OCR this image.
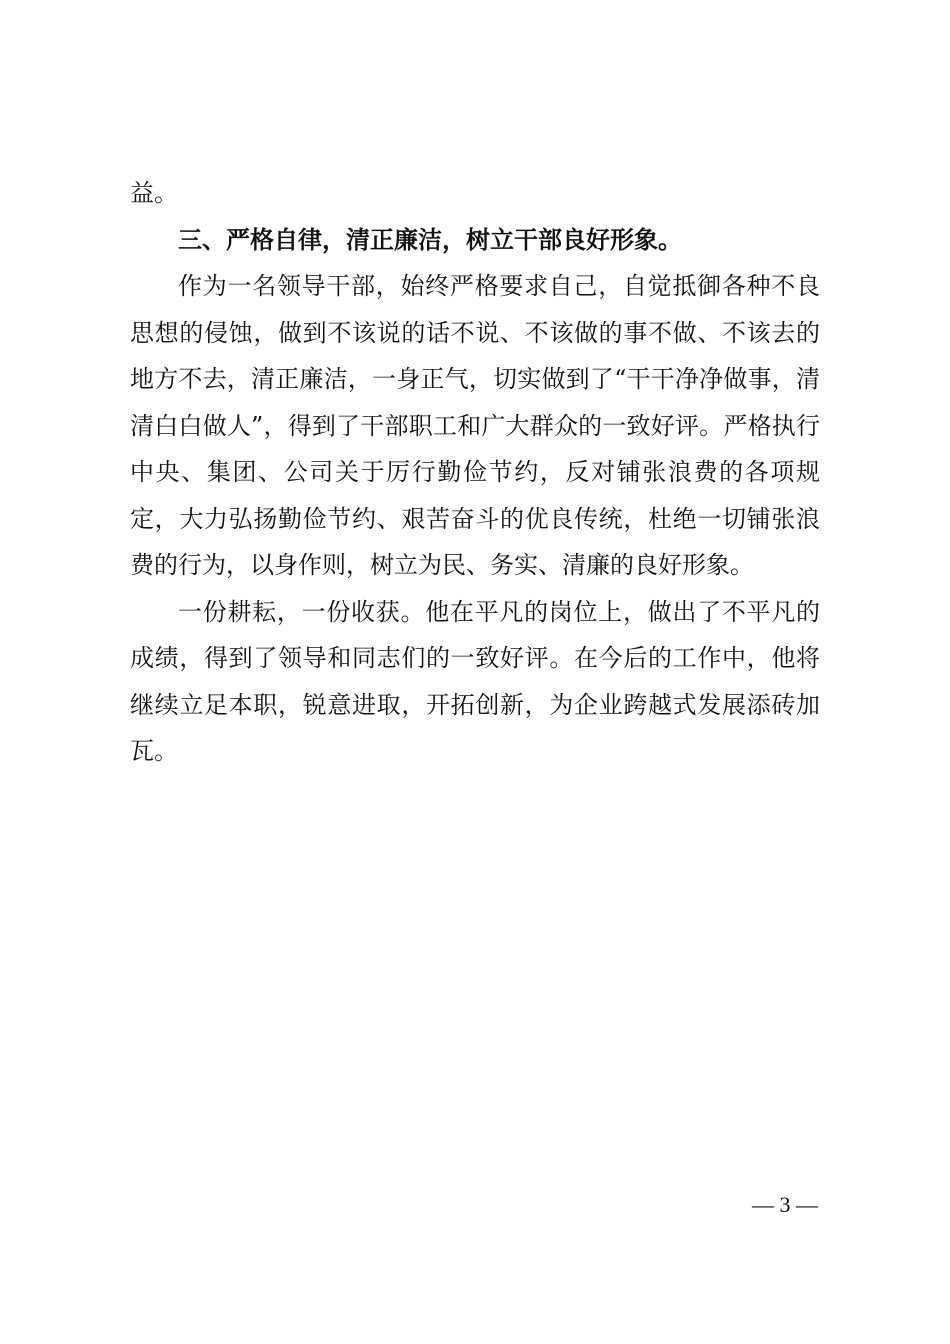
益。

三、严格自律，清正廉洁，树立干部良好形象。

作为一名领导干部，始终严格要求自己，自觉抵御各种不良思想的侵蚀，做到不该说的话不说、不该做的事不做、不该去的地方不去，清正廉洁，一身正气，切实做到了“干干净净做事，清清白白做人”，得到了干部职工和广大群众的一致好评。严格执行中央、集团、公司关于厉行勤俭节约，反对铺张浪费的各项规定，大力弘扬勤俭节约、艰苦奋斗的优良传统，杜绝一切铺张浪费的行为，以身作则，树立为民、务实、清廉的良好形象。

一份耕耘，一份收获。他在平凡的岗位上，做出了不平凡的成绩，得到了领导和同志们的一致好评。在今后的工作中，他将继续立足本职，锐意进取，开拓创新，为企业跨越式发展添砖加瓦。

— 3 —
